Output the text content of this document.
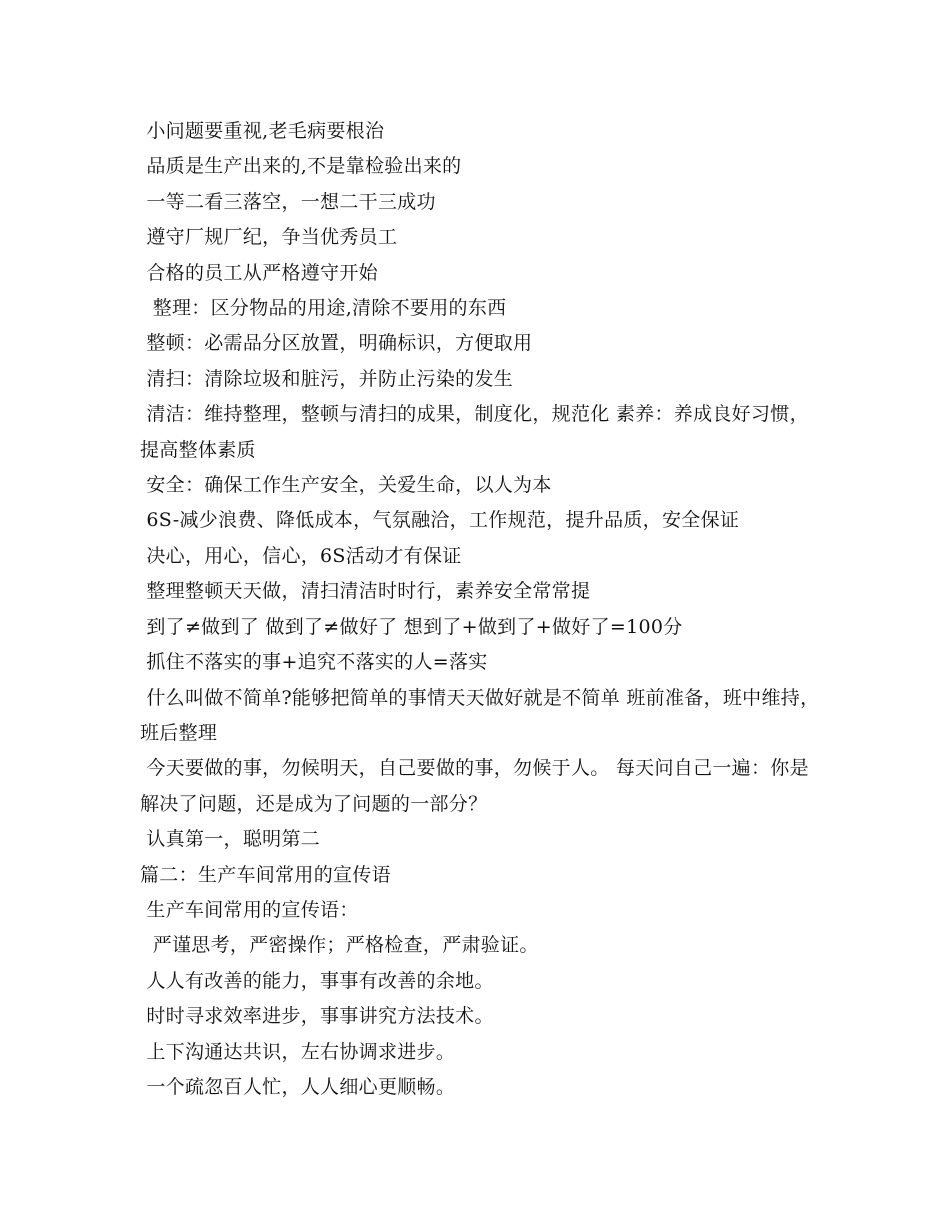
小问题要重视,老毛病要根治

品质是生产出来的,不是靠检验出来的

一等二看三落空，一想二干三成功

遵守厂规厂纪，争当优秀员工

合格的员工从严格遵守开始

整理：区分物品的用途,清除不要用的东西

整顿：必需品分区放置，明确标识，方便取用

清扫：清除垃圾和脏污，并防止污染的发生

清洁：维持整理，整顿与清扫的成果，制度化，规范化 素养：养成良好习惯，提高整体素质

安全：确保工作生产安全，关爱生命，以人为本

6S-减少浪费、降低成本，气氛融洽，工作规范，提升品质，安全保证

决心，用心，信心，6S活动才有保证

整理整顿天天做，清扫清洁时时行，素养安全常常提

到了≠做到了 做到了≠做好了 想到了+做到了+做好了=100分

抓住不落实的事+追究不落实的人=落实

什么叫做不简单?能够把简单的事情天天做好就是不简单 班前准备，班中维持，班后整理

今天要做的事，勿候明天，自己要做的事，勿候于人。 每天问自己一遍：你是解决了问题，还是成为了问题的一部分？

认真第一，聪明第二

篇二：生产车间常用的宣传语

生产车间常用的宣传语：

严谨思考，严密操作；严格检查，严肃验证。

人人有改善的能力，事事有改善的余地。

时时寻求效率进步，事事讲究方法技术。

上下沟通达共识，左右协调求进步。

一个疏忽百人忙，人人细心更顺畅。
